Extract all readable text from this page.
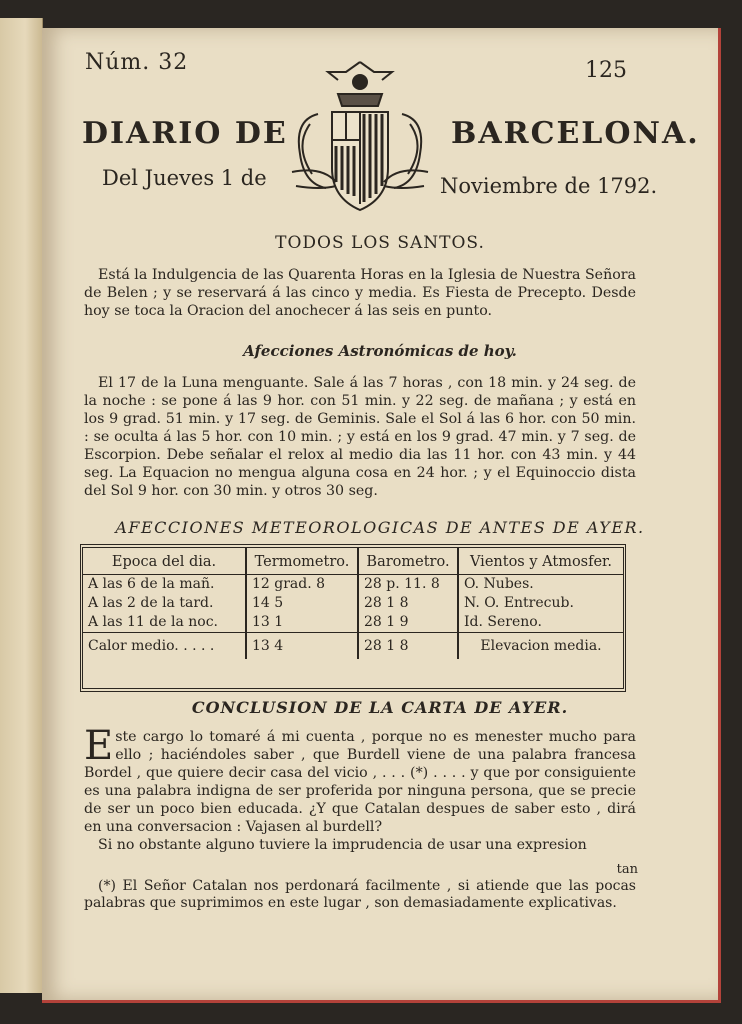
Núm. 32	125
DIARIO DE	BARCELONA.
Del Jueves 1 de	Noviembre de 1792.
TODOS LOS SANTOS.

Está la Indulgencia de las Quarenta Horas en la Iglesia de Nuestra Señora de Belen ; y se reservará á las cinco y media. Es Fiesta de Precepto. Desde hoy se toca la Oracion del anochecer á las seis en punto.

Afecciones Astronómicas de hoy.

El 17 de la Luna menguante. Sale á las 7 horas , con 18 min. y 24 seg. de la noche : se pone á las 9 hor. con 51 min. y 22 seg. de mañana ; y está en los 9 grad. 51 min. y 17 seg. de Geminis. Sale el Sol á las 6 hor. con 50 min. : se oculta á las 5 hor. con 10 min. ; y está en los 9 grad. 47 min. y 7 seg. de Escorpion. Debe señalar el relox al medio dia las 11 hor. con 43 min. y 44 seg. La Equacion no mengua alguna cosa en 24 hor. ; y el Equinoccio dista del Sol 9 hor. con 30 min. y otros 30 seg.

AFECCIONES METEOROLOGICAS DE ANTES DE AYER.
Epoca del dia.	Termometro.	Barometro.	Vientos y Atmosfer.
A las 6 de la mañ.	12 grad. 8	28 p. 11. 8	O. Nubes.
A las 2 de la tard.	14 5	28 1 8	N. O. Entrecub.
A las 11 de la noc.	13 1	28 1 9	Id. Sereno.
Calor medio. . . . .	13 4	28 1 8	Elevacion media.
CONCLUSION DE LA CARTA DE AYER.
E ste cargo lo tomaré á mi cuenta , porque no es menester mucho para ello ; haciéndoles saber , que Burdell viene de una palabra francesa Bordel , que quiere decir casa del vicio , . . . (*) . . . . y que por consiguiente es una palabra indigna de ser proferida por ninguna persona, que se precie de ser un poco bien educada. ¿Y que Catalan despues de saber esto , dirá en una conversacion : Vajasen al burdell?

Si no obstante alguno tuviere la imprudencia de usar una expresion

tan

(*) El Señor Catalan nos perdonará facilmente , si atiende que las pocas palabras que suprimimos en este lugar , son demasiadamente explicativas.
